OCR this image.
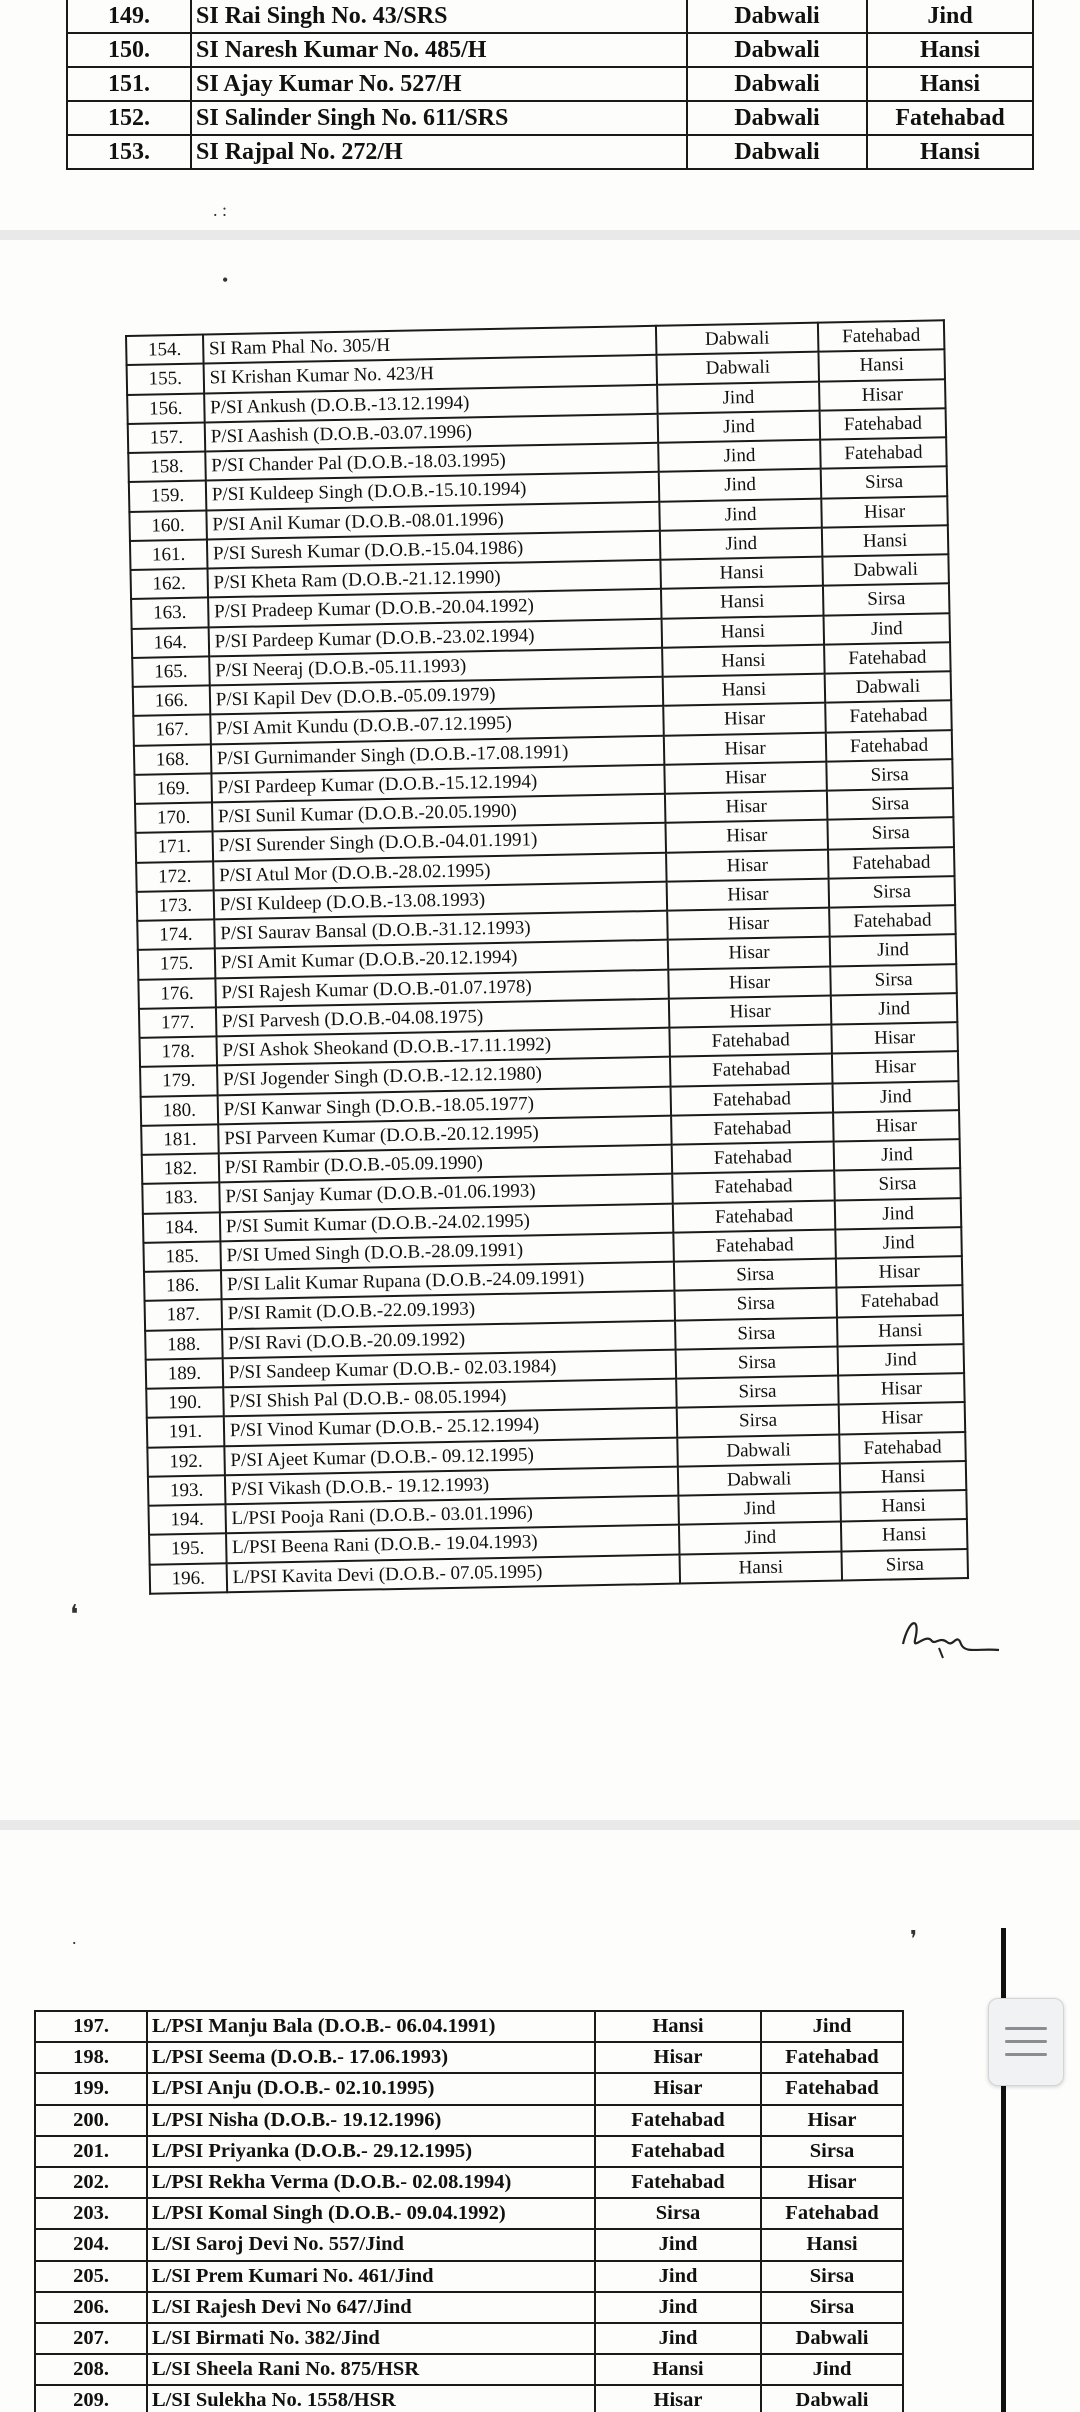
149.	SI Rai Singh No. 43/SRS	Dabwali	Jind
150.	SI Naresh Kumar No. 485/H	Dabwali	Hansi
151.	SI Ajay Kumar No. 527/H	Dabwali	Hansi
152.	SI Salinder Singh No. 611/SRS	Dabwali	Fatehabad
153.	SI Rajpal No. 272/H	Dabwali	Hansi
. :
•
❛
154.	SI Ram Phal No. 305/H	Dabwali	Fatehabad
155.	SI Krishan Kumar No. 423/H	Dabwali	Hansi
156.	P/SI Ankush (D.O.B.-13.12.1994)	Jind	Hisar
157.	P/SI Aashish (D.O.B.-03.07.1996)	Jind	Fatehabad
158.	P/SI Chander Pal (D.O.B.-18.03.1995)	Jind	Fatehabad
159.	P/SI Kuldeep Singh (D.O.B.-15.10.1994)	Jind	Sirsa
160.	P/SI Anil Kumar (D.O.B.-08.01.1996)	Jind	Hisar
161.	P/SI Suresh Kumar (D.O.B.-15.04.1986)	Jind	Hansi
162.	P/SI Kheta Ram (D.O.B.-21.12.1990)	Hansi	Dabwali
163.	P/SI Pradeep Kumar (D.O.B.-20.04.1992)	Hansi	Sirsa
164.	P/SI Pardeep Kumar (D.O.B.-23.02.1994)	Hansi	Jind
165.	P/SI Neeraj (D.O.B.-05.11.1993)	Hansi	Fatehabad
166.	P/SI Kapil Dev (D.O.B.-05.09.1979)	Hansi	Dabwali
167.	P/SI Amit Kundu (D.O.B.-07.12.1995)	Hisar	Fatehabad
168.	P/SI Gurnimander Singh (D.O.B.-17.08.1991)	Hisar	Fatehabad
169.	P/SI Pardeep Kumar (D.O.B.-15.12.1994)	Hisar	Sirsa
170.	P/SI Sunil Kumar (D.O.B.-20.05.1990)	Hisar	Sirsa
171.	P/SI Surender Singh (D.O.B.-04.01.1991)	Hisar	Sirsa
172.	P/SI Atul Mor (D.O.B.-28.02.1995)	Hisar	Fatehabad
173.	P/SI Kuldeep (D.O.B.-13.08.1993)	Hisar	Sirsa
174.	P/SI Saurav Bansal (D.O.B.-31.12.1993)	Hisar	Fatehabad
175.	P/SI Amit Kumar (D.O.B.-20.12.1994)	Hisar	Jind
176.	P/SI Rajesh Kumar (D.O.B.-01.07.1978)	Hisar	Sirsa
177.	P/SI Parvesh (D.O.B.-04.08.1975)	Hisar	Jind
178.	P/SI Ashok Sheokand (D.O.B.-17.11.1992)	Fatehabad	Hisar
179.	P/SI Jogender Singh (D.O.B.-12.12.1980)	Fatehabad	Hisar
180.	P/SI Kanwar Singh (D.O.B.-18.05.1977)	Fatehabad	Jind
181.	PSI Parveen Kumar (D.O.B.-20.12.1995)	Fatehabad	Hisar
182.	P/SI Rambir (D.O.B.-05.09.1990)	Fatehabad	Jind
183.	P/SI Sanjay Kumar (D.O.B.-01.06.1993)	Fatehabad	Sirsa
184.	P/SI Sumit Kumar (D.O.B.-24.02.1995)	Fatehabad	Jind
185.	P/SI Umed Singh (D.O.B.-28.09.1991)	Fatehabad	Jind
186.	P/SI Lalit Kumar Rupana (D.O.B.-24.09.1991)	Sirsa	Hisar
187.	P/SI Ramit (D.O.B.-22.09.1993)	Sirsa	Fatehabad
188.	P/SI Ravi (D.O.B.-20.09.1992)	Sirsa	Hansi
189.	P/SI Sandeep Kumar (D.O.B.- 02.03.1984)	Sirsa	Jind
190.	P/SI Shish Pal (D.O.B.- 08.05.1994)	Sirsa	Hisar
191.	P/SI Vinod Kumar (D.O.B.- 25.12.1994)	Sirsa	Hisar
192.	P/SI Ajeet Kumar (D.O.B.- 09.12.1995)	Dabwali	Fatehabad
193.	P/SI Vikash (D.O.B.- 19.12.1993)	Dabwali	Hansi
194.	L/PSI Pooja Rani (D.O.B.- 03.01.1996)	Jind	Hansi
195.	L/PSI Beena Rani (D.O.B.- 19.04.1993)	Jind	Hansi
196.	L/PSI Kavita Devi (D.O.B.- 07.05.1995)	Hansi	Sirsa
.	❜
197.	L/PSI Manju Bala (D.O.B.- 06.04.1991)	Hansi	Jind
198.	L/PSI Seema (D.O.B.- 17.06.1993)	Hisar	Fatehabad
199.	L/PSI Anju (D.O.B.- 02.10.1995)	Hisar	Fatehabad
200.	L/PSI Nisha (D.O.B.- 19.12.1996)	Fatehabad	Hisar
201.	L/PSI Priyanka (D.O.B.- 29.12.1995)	Fatehabad	Sirsa
202.	L/PSI Rekha Verma (D.O.B.- 02.08.1994)	Fatehabad	Hisar
203.	L/PSI Komal Singh (D.O.B.- 09.04.1992)	Sirsa	Fatehabad
204.	L/SI Saroj Devi No. 557/Jind	Jind	Hansi
205.	L/SI Prem Kumari No. 461/Jind	Jind	Sirsa
206.	L/SI Rajesh Devi No 647/Jind	Jind	Sirsa
207.	L/SI Birmati No. 382/Jind	Jind	Dabwali
208.	L/SI Sheela Rani No. 875/HSR	Hansi	Jind
209.	L/SI Sulekha No. 1558/HSR	Hisar	Dabwali
